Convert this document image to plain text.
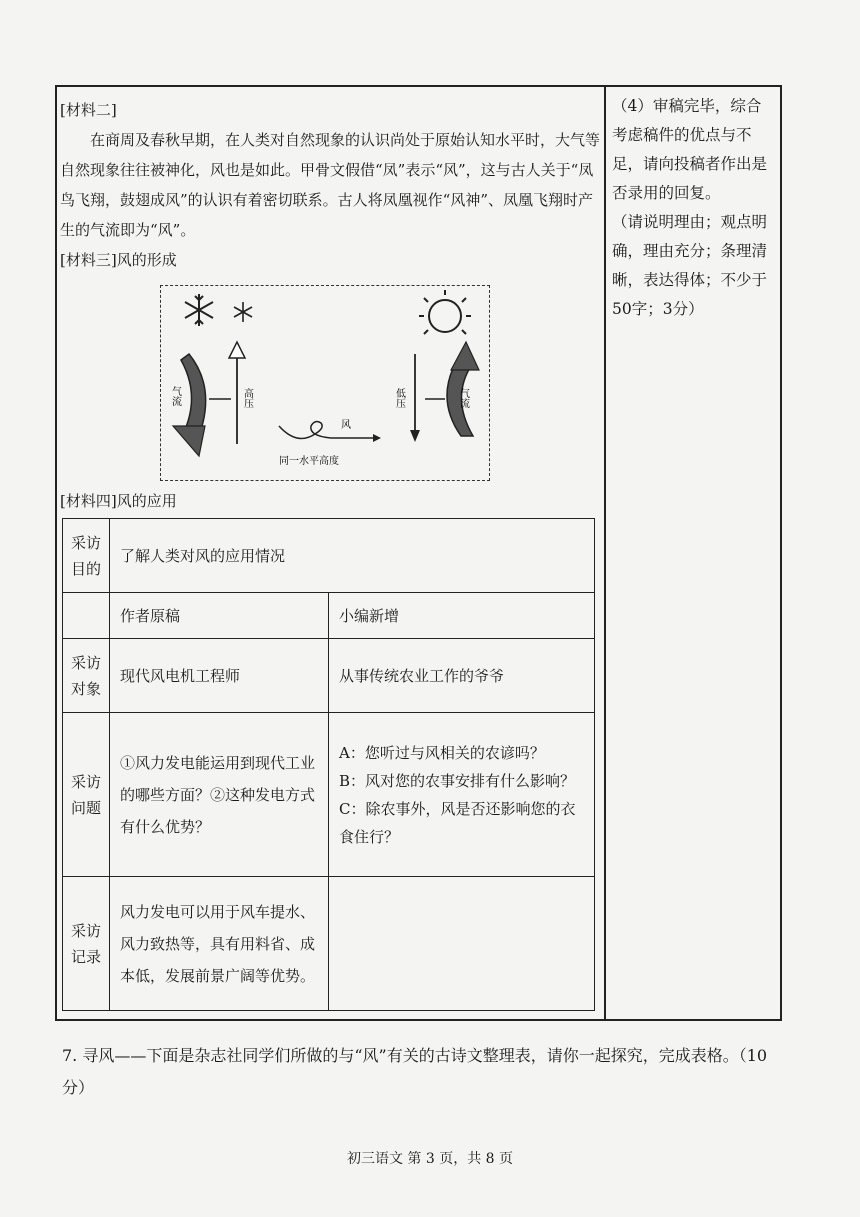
[材料二]

在商周及春秋早期，在人类对自然现象的认识尚处于原始认知水平时，大气等自然现象往往被神化，风也是如此。甲骨文假借“凤”表示“风”，这与古人关于“凤鸟飞翔，鼓翅成风”的认识有着密切联系。古人将凤凰视作“风神”、凤凰飞翔时产生的气流即为“风”。

[材料三]风的形成

气流	高压	低压	气流
风
同一水平高度
[材料四]风的应用
采访目的	了解人类对风的应用情况	
	作者原稿	小编新增
采访对象	现代风电机工程师	从事传统农业工作的爷爷
采访问题	①风力发电能运用到现代工业的哪些方面？②这种发电方式有什么优势？	A：您听过与风相关的农谚吗？
B：风对您的农事安排有什么影响？
C：除农事外，风是否还影响您的衣食住行？

采访记录	风力发电可以用于风车提水、风力致热等，具有用料省、成本低，发展前景广阔等优势。	

（4）审稿完毕，综合考虑稿件的优点与不足，请向投稿者作出是否录用的回复。

（请说明理由；观点明确，理由充分；条理清晰，表达得体；不少于50字；3分）

7. 寻风——下面是杂志社同学们所做的与“风”有关的古诗文整理表，请你一起探究，完成表格。（10分）
初三语文 第 3 页，共 8 页
